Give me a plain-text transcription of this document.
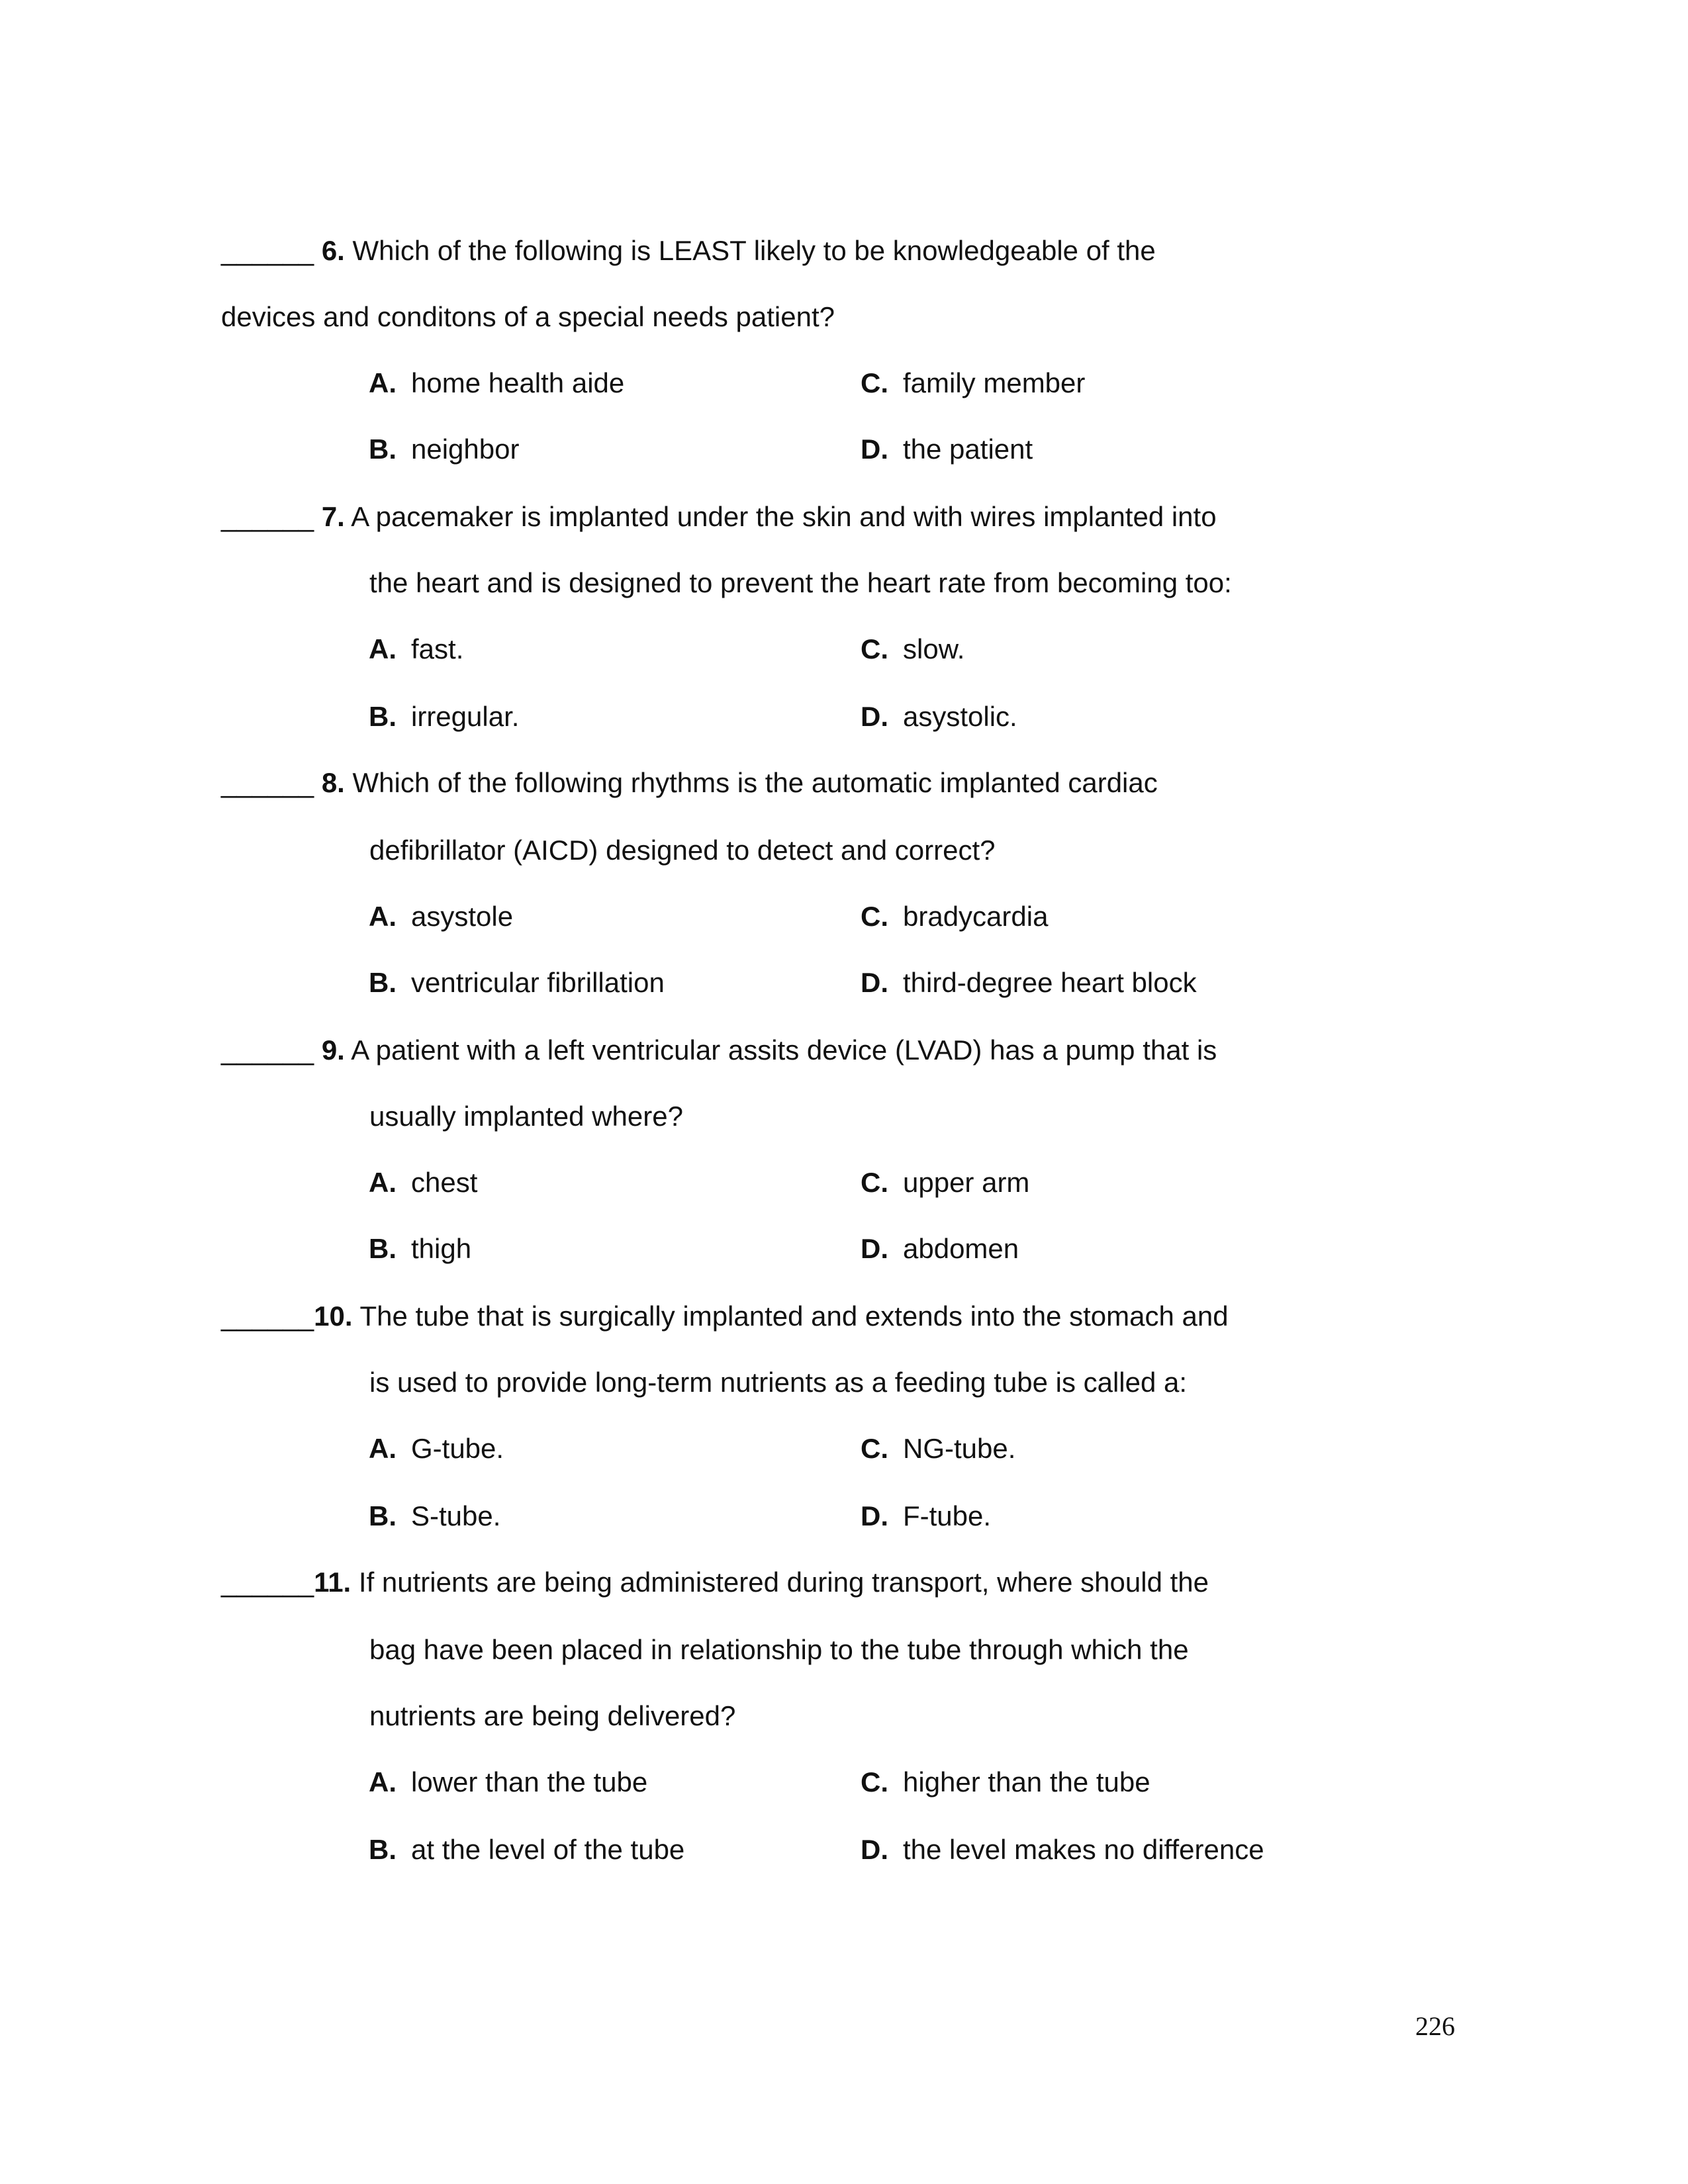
______ 6. Which of the following is LEAST likely to be knowledgeable of the
devices and conditons of a special needs patient?
A. home health aide	C. family member
B. neighbor	D. the patient
______ 7. A pacemaker is implanted under the skin and with wires implanted into
the heart and is designed to prevent the heart rate from becoming too:
A. fast.	C. slow.
B. irregular.	D. asystolic.
______ 8. Which of the following rhythms is the automatic implanted cardiac
defibrillator (AICD) designed to detect and correct?
A. asystole	C. bradycardia
B. ventricular fibrillation	D. third-degree heart block
______ 9. A patient with a left ventricular assits device (LVAD) has a pump that is
usually implanted where?
A. chest	C. upper arm
B. thigh	D. abdomen
______10. The tube that is surgically implanted and extends into the stomach and
is used to provide long-term nutrients as a feeding tube is called a:
A. G-tube.	C. NG-tube.
B. S-tube.	D. F-tube.
______11. If nutrients are being administered during transport, where should the
bag have been placed in relationship to the tube through which the
nutrients are being delivered?
A. lower than the tube	C. higher than the tube
B. at the level of the tube	D. the level makes no difference
226
